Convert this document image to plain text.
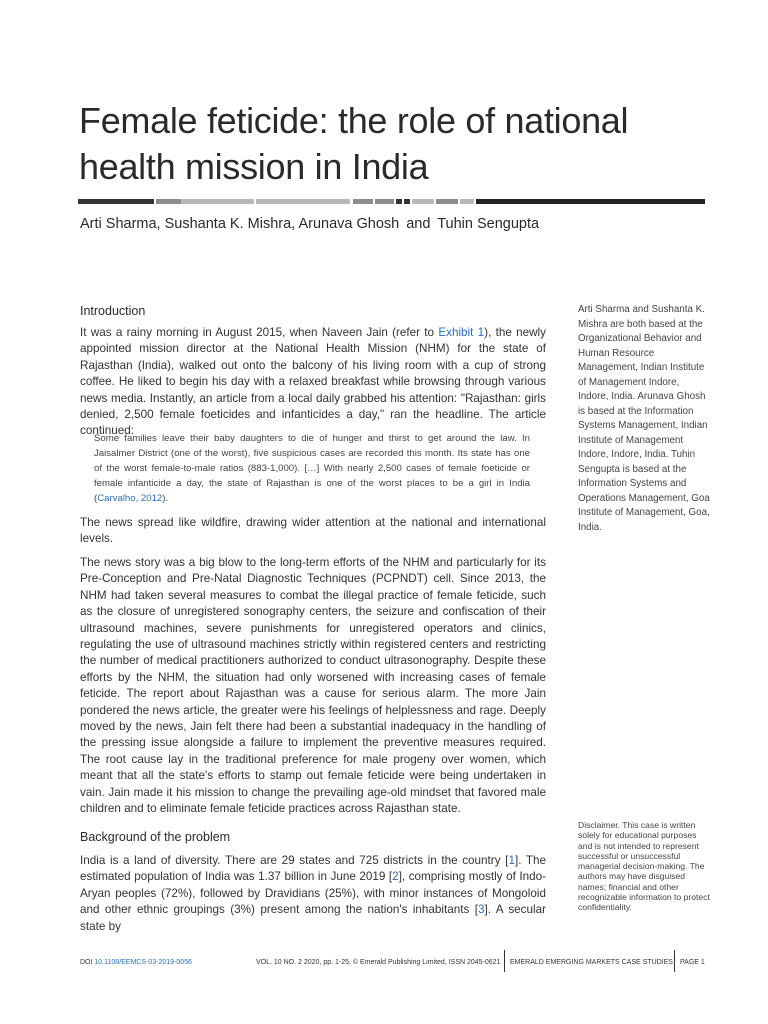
Female feticide: the role of national
health mission in India
Arti Sharma, Sushanta K. Mishra, Arunava Ghosh and Tuhin Sengupta
Introduction

It was a rainy morning in August 2015, when Naveen Jain (refer to Exhibit 1), the newly appointed mission director at the National Health Mission (NHM) for the state of Rajasthan (India), walked out onto the balcony of his living room with a cup of strong coffee. He liked to begin his day with a relaxed breakfast while browsing through various news media. Instantly, an article from a local daily grabbed his attention: "Rajasthan: girls denied, 2,500 female foeticides and infanticides a day," ran the headline. The article continued:

Some families leave their baby daughters to die of hunger and thirst to get around the law. In Jaisalmer District (one of the worst), five suspicious cases are recorded this month. Its state has one of the worst female-to-male ratios (883-1,000). […] With nearly 2,500 cases of female foeticide or female infanticide a day, the state of Rajasthan is one of the worst places to be a girl in India (Carvalho, 2012).

The news spread like wildfire, drawing wider attention at the national and international levels.

The news story was a big blow to the long-term efforts of the NHM and particularly for its Pre-Conception and Pre-Natal Diagnostic Techniques (PCPNDT) cell. Since 2013, the NHM had taken several measures to combat the illegal practice of female feticide, such as the closure of unregistered sonography centers, the seizure and confiscation of their ultrasound machines, severe punishments for unregistered operators and clinics, regulating the use of ultrasound machines strictly within registered centers and restricting the number of medical practitioners authorized to conduct ultrasonography. Despite these efforts by the NHM, the situation had only worsened with increasing cases of female feticide. The report about Rajasthan was a cause for serious alarm. The more Jain pondered the news article, the greater were his feelings of helplessness and rage. Deeply moved by the news, Jain felt there had been a substantial inadequacy in the handling of the pressing issue alongside a failure to implement the preventive measures required. The root cause lay in the traditional preference for male progeny over women, which meant that all the state's efforts to stamp out female feticide were being undertaken in vain. Jain made it his mission to change the prevailing age-old mindset that favored male children and to eliminate female feticide practices across Rajasthan state.

Background of the problem

India is a land of diversity. There are 29 states and 725 districts in the country [1]. The estimated population of India was 1.37 billion in June 2019 [2], comprising mostly of Indo-Aryan peoples (72%), followed by Dravidians (25%), with minor instances of Mongoloid and other ethnic groupings (3%) present among the nation's inhabitants [3]. A secular state by

Arti Sharma and Sushanta K. Mishra are both based at the Organizational Behavior and Human Resource Management, Indian Institute of Management Indore, Indore, India. Arunava Ghosh is based at the Information Systems Management, Indian Institute of Management Indore, Indore, India. Tuhin Sengupta is based at the Information Systems and Operations Management, Goa Institute of Management, Goa, India.

Disclaimer. This case is written solely for educational purposes and is not intended to represent successful or unsuccessful managerial decision-making. The authors may have disguised names; financial and other recognizable information to protect confidentiality.
DOI 10.1108/EEMCS-03-2019-0056	VOL. 10 NO. 2 2020, pp. 1-25, © Emerald Publishing Limited, ISSN 2045-0621 EMERALD EMERGING MARKETS CASE STUDIES PAGE 1
